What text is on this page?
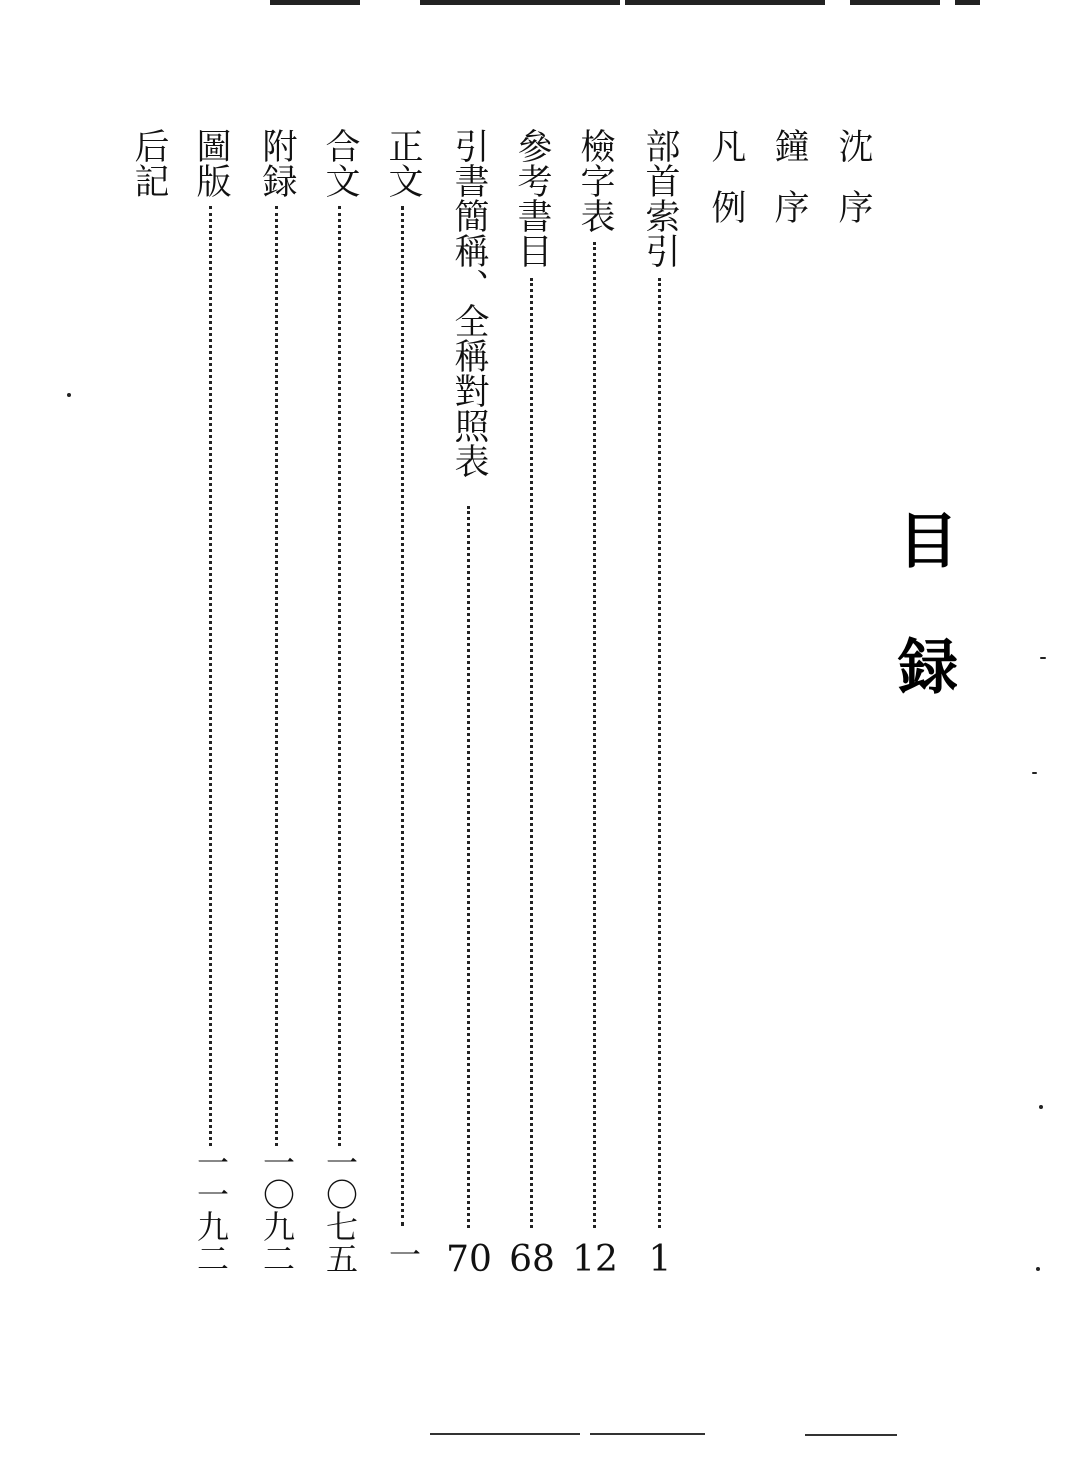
目
録
沈序
鐘序
凡例
部首索引
1
檢字表
12
參考書目
68
引書簡稱、全稱對照表
70
正文
一
合文
一〇七五
附録
一〇九二
圖版
一一九二
后記
